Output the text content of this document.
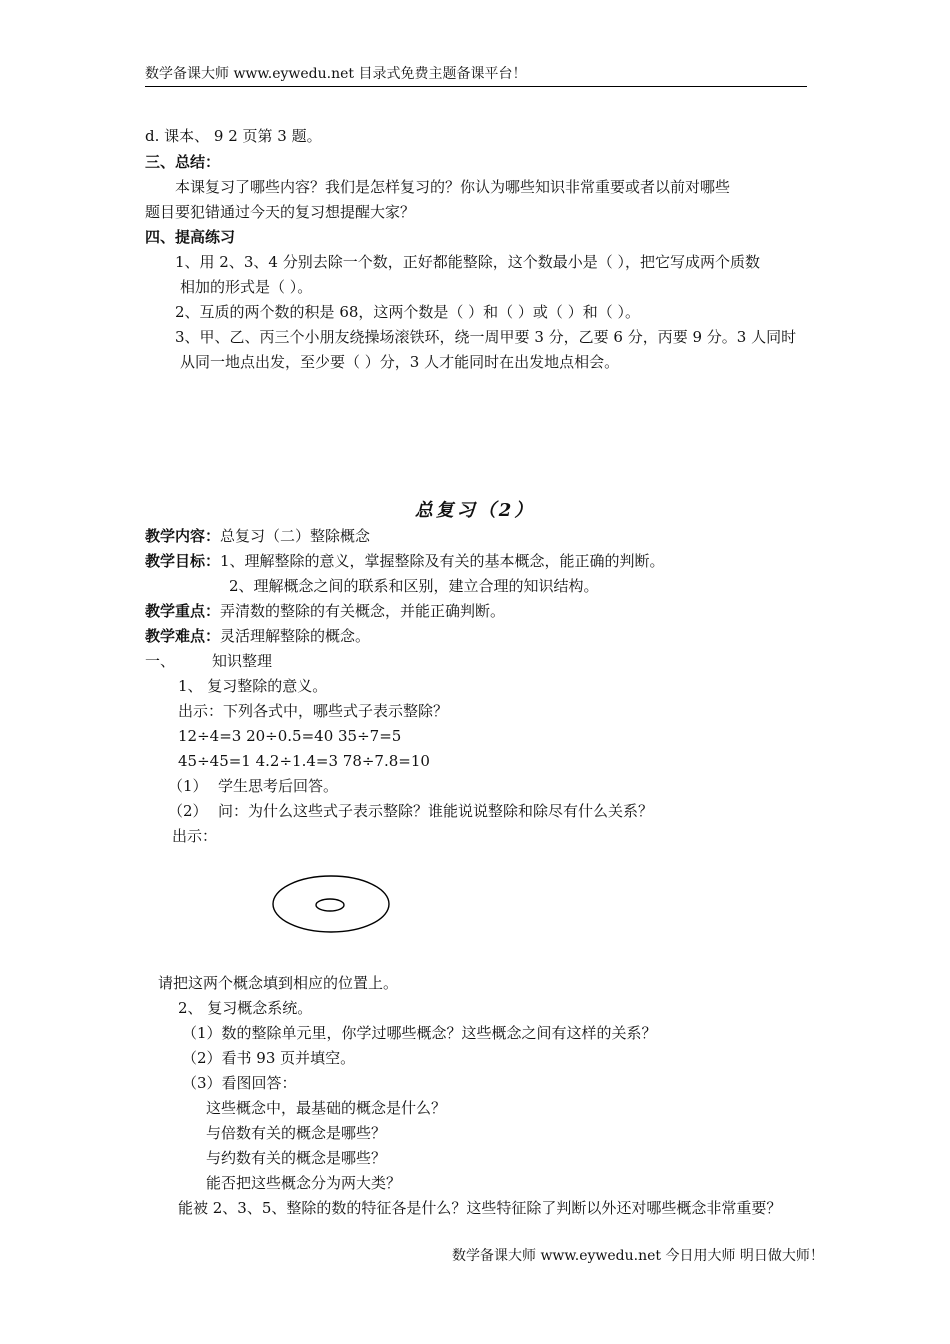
数学备课大师 www.eywedu.net 目录式免费主题备课平台！
d. 课本、 9 2 页第 3 题。
三、总结：
本课复习了哪些内容？我们是怎样复习的？你认为哪些知识非常重要或者以前对哪些
题目要犯错通过今天的复习想提醒大家？
四、提高练习
1、用 2、3、4 分别去除一个数，正好都能整除，这个数最小是（ ），把它写成两个质数
相加的形式是（ ）。
2、互质的两个数的积是 68，这两个数是（ ）和（ ）或（ ）和（ ）。
3、甲、乙、丙三个小朋友绕操场滚铁环，绕一周甲要 3 分，乙要 6 分，丙要 9 分。3 人同时
从同一地点出发，至少要（ ）分，3 人才能同时在出发地点相会。
总复习（2）
教学内容：总复习（二）整除概念
教学目标：1、理解整除的意义，掌握整除及有关的基本概念，能正确的判断。
2、理解概念之间的联系和区别，建立合理的知识结构。
教学重点：弄清数的整除的有关概念，并能正确判断。
教学难点：灵活理解整除的概念。
一、 知识整理
1、 复习整除的意义。
出示：下列各式中，哪些式子表示整除？
12÷4=3 20÷0.5=40 35÷7=5
45÷45=1 4.2÷1.4=3 78÷7.8=10
（1） 学生思考后回答。
（2） 问：为什么这些式子表示整除？谁能说说整除和除尽有什么关系？
出示：
请把这两个概念填到相应的位置上。
2、 复习概念系统。
（1）数的整除单元里，你学过哪些概念？这些概念之间有这样的关系？
（2）看书 93 页并填空。
（3）看图回答：
这些概念中，最基础的概念是什么？
与倍数有关的概念是哪些？
与约数有关的概念是哪些？
能否把这些概念分为两大类？
能被 2、3、5、整除的数的特征各是什么？这些特征除了判断以外还对哪些概念非常重要？
数学备课大师 www.eywedu.net 今日用大师 明日做大师！
